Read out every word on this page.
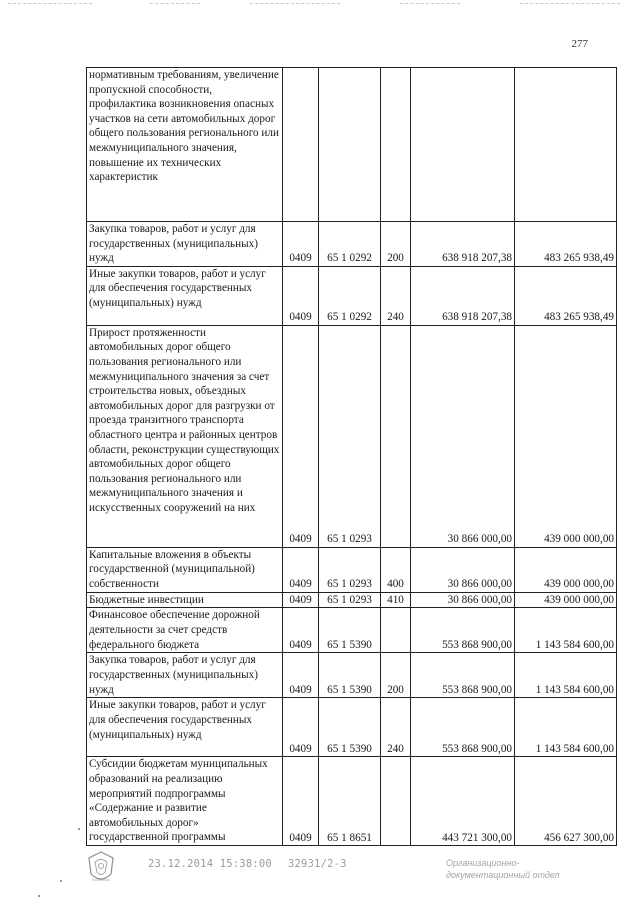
277
нормативным требованиям, увеличение пропускной способности, профилактика возникновения опасных участков на сети автомобильных дорог общего пользования регионального или межмуниципального значения, повышение их технических характеристик					

Закупка товаров, работ и услуг для государственных (муниципальных) нужд	0409	65 1 0292	200	638 918 207,38	483 265 938,49

Иные закупки товаров, работ и услуг для обеспечения государственных (муниципальных) нужд	0409	65 1 0292	240	638 918 207,38	483 265 938,49

Прирост протяженности автомобильных дорог общего пользования регионального или межмуниципального значения за счет строительства новых, объездных автомобильных дорог для разгрузки от проезда транзитного транспорта областного центра и районных центров области, реконструкции существующих автомобильных дорог общего пользования регионального или межмуниципального значения и искусственных сооружений на них	0409	65 1 0293		30 866 000,00	439 000 000,00

Капитальные вложения в объекты государственной (муниципальной) собственности	0409	65 1 0293	400	30 866 000,00	439 000 000,00

Бюджетные инвестиции	0409	65 1 0293	410	30 866 000,00	439 000 000,00

Финансовое обеспечение дорожной деятельности за счет средств федерального бюджета	0409	65 1 5390		553 868 900,00	1 143 584 600,00

Закупка товаров, работ и услуг для государственных (муниципальных) нужд	0409	65 1 5390	200	553 868 900,00	1 143 584 600,00

Иные закупки товаров, работ и услуг для обеспечения государственных (муниципальных) нужд	0409	65 1 5390	240	553 868 900,00	1 143 584 600,00

Субсидии бюджетам муниципальных образований на реализацию мероприятий подпрограммы «Содержание и развитие автомобильных дорог» государственной программы	0409	65 1 8651		443 721 300,00	456 627 300,00
23.12.2014 15:38:00 32931/2-3	Организационно-
документационный отдел
